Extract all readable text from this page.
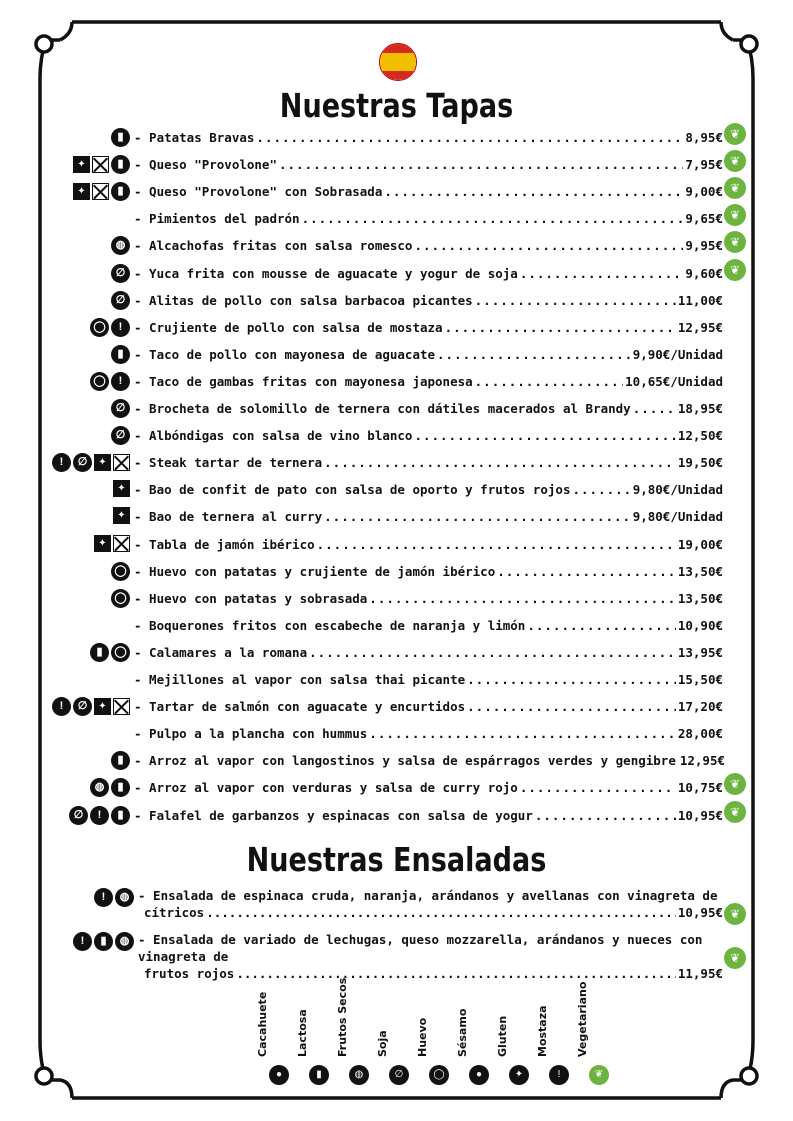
Nuestras Tapas
▮ - Patatas Bravas .....	8,95€ ❦
✦ ☒ ▮ - Queso "Provolone" .....	7,95€ ❦
✦ ☒ ▮ - Queso "Provolone" con Sobrasada .....	9,00€ ❦
- Pimientos del padrón .....	9,65€ ❦
◍ - Alcachofas fritas con salsa romesco .....	9,95€ ❦
∅ - Yuca frita con mousse de aguacate y yogur de soja .....	9,60€ ❦
∅ - Alitas de pollo con salsa barbacoa picantes .....	11,00€
◯	! - Crujiente de pollo con salsa de mostaza .....	12,95€
▮ - Taco de pollo con mayonesa de aguacate .....	9,90€/Unidad
◯	! - Taco de gambas fritas con mayonesa japonesa .....	10,65€/Unidad
∅ - Brocheta de solomillo de ternera con dátiles macerados al Brandy .....	18,95€
∅ - Albóndigas con salsa de vino blanco .....	12,50€
!	∅	✦	- Steak tartar de ternera .....	19,50€
✦ - Bao de confit de pato con salsa de oporto y frutos rojos .....	9,80€/Unidad
✦ - Bao de ternera al curry .....	9,80€/Unidad
✦	- Tabla de jamón ibérico .....	19,00€
◯ - Huevo con patatas y crujiente de jamón ibérico .....	13,50€
◯ - Huevo con patatas y sobrasada .....	13,50€
- Boquerones fritos con escabeche de naranja y limón .....	10,90€
▮	◯ - Calamares a la romana .....	13,95€
- Mejillones al vapor con salsa thai picante .....	15,50€
!	∅	✦	- Tartar de salmón con aguacate y encurtidos .....	17,20€
- Pulpo a la plancha con hummus .....	28,00€
▮ - Arroz al vapor con langostinos y salsa de espárragos verdes y gengibre 12,95€
◍	▮ - Arroz al vapor con verduras y salsa de curry rojo .....	10,75€ ❦
∅	!	▮ - Falafel de garbanzos y espinacas con salsa de yogur .....	10,95€ ❦
Nuestras Ensaladas
!	◍ - Ensalada de espinaca cruda, naranja, arándanos y avellanas con vinagreta de
cítricos .....	10,95€ ❦
!	▮	◍ - Ensalada de variado de lechugas, queso mozzarella, arándanos y nueces con vinagreta de
frutos rojos .....	11,95€
❦
Cacahuete
●
Lactosa
▮
Frutos Secos
◍
Soja
∅
Huevo
◯
Sésamo
●
Gluten
✦
Mostaza
!
Vegetariano
❦
